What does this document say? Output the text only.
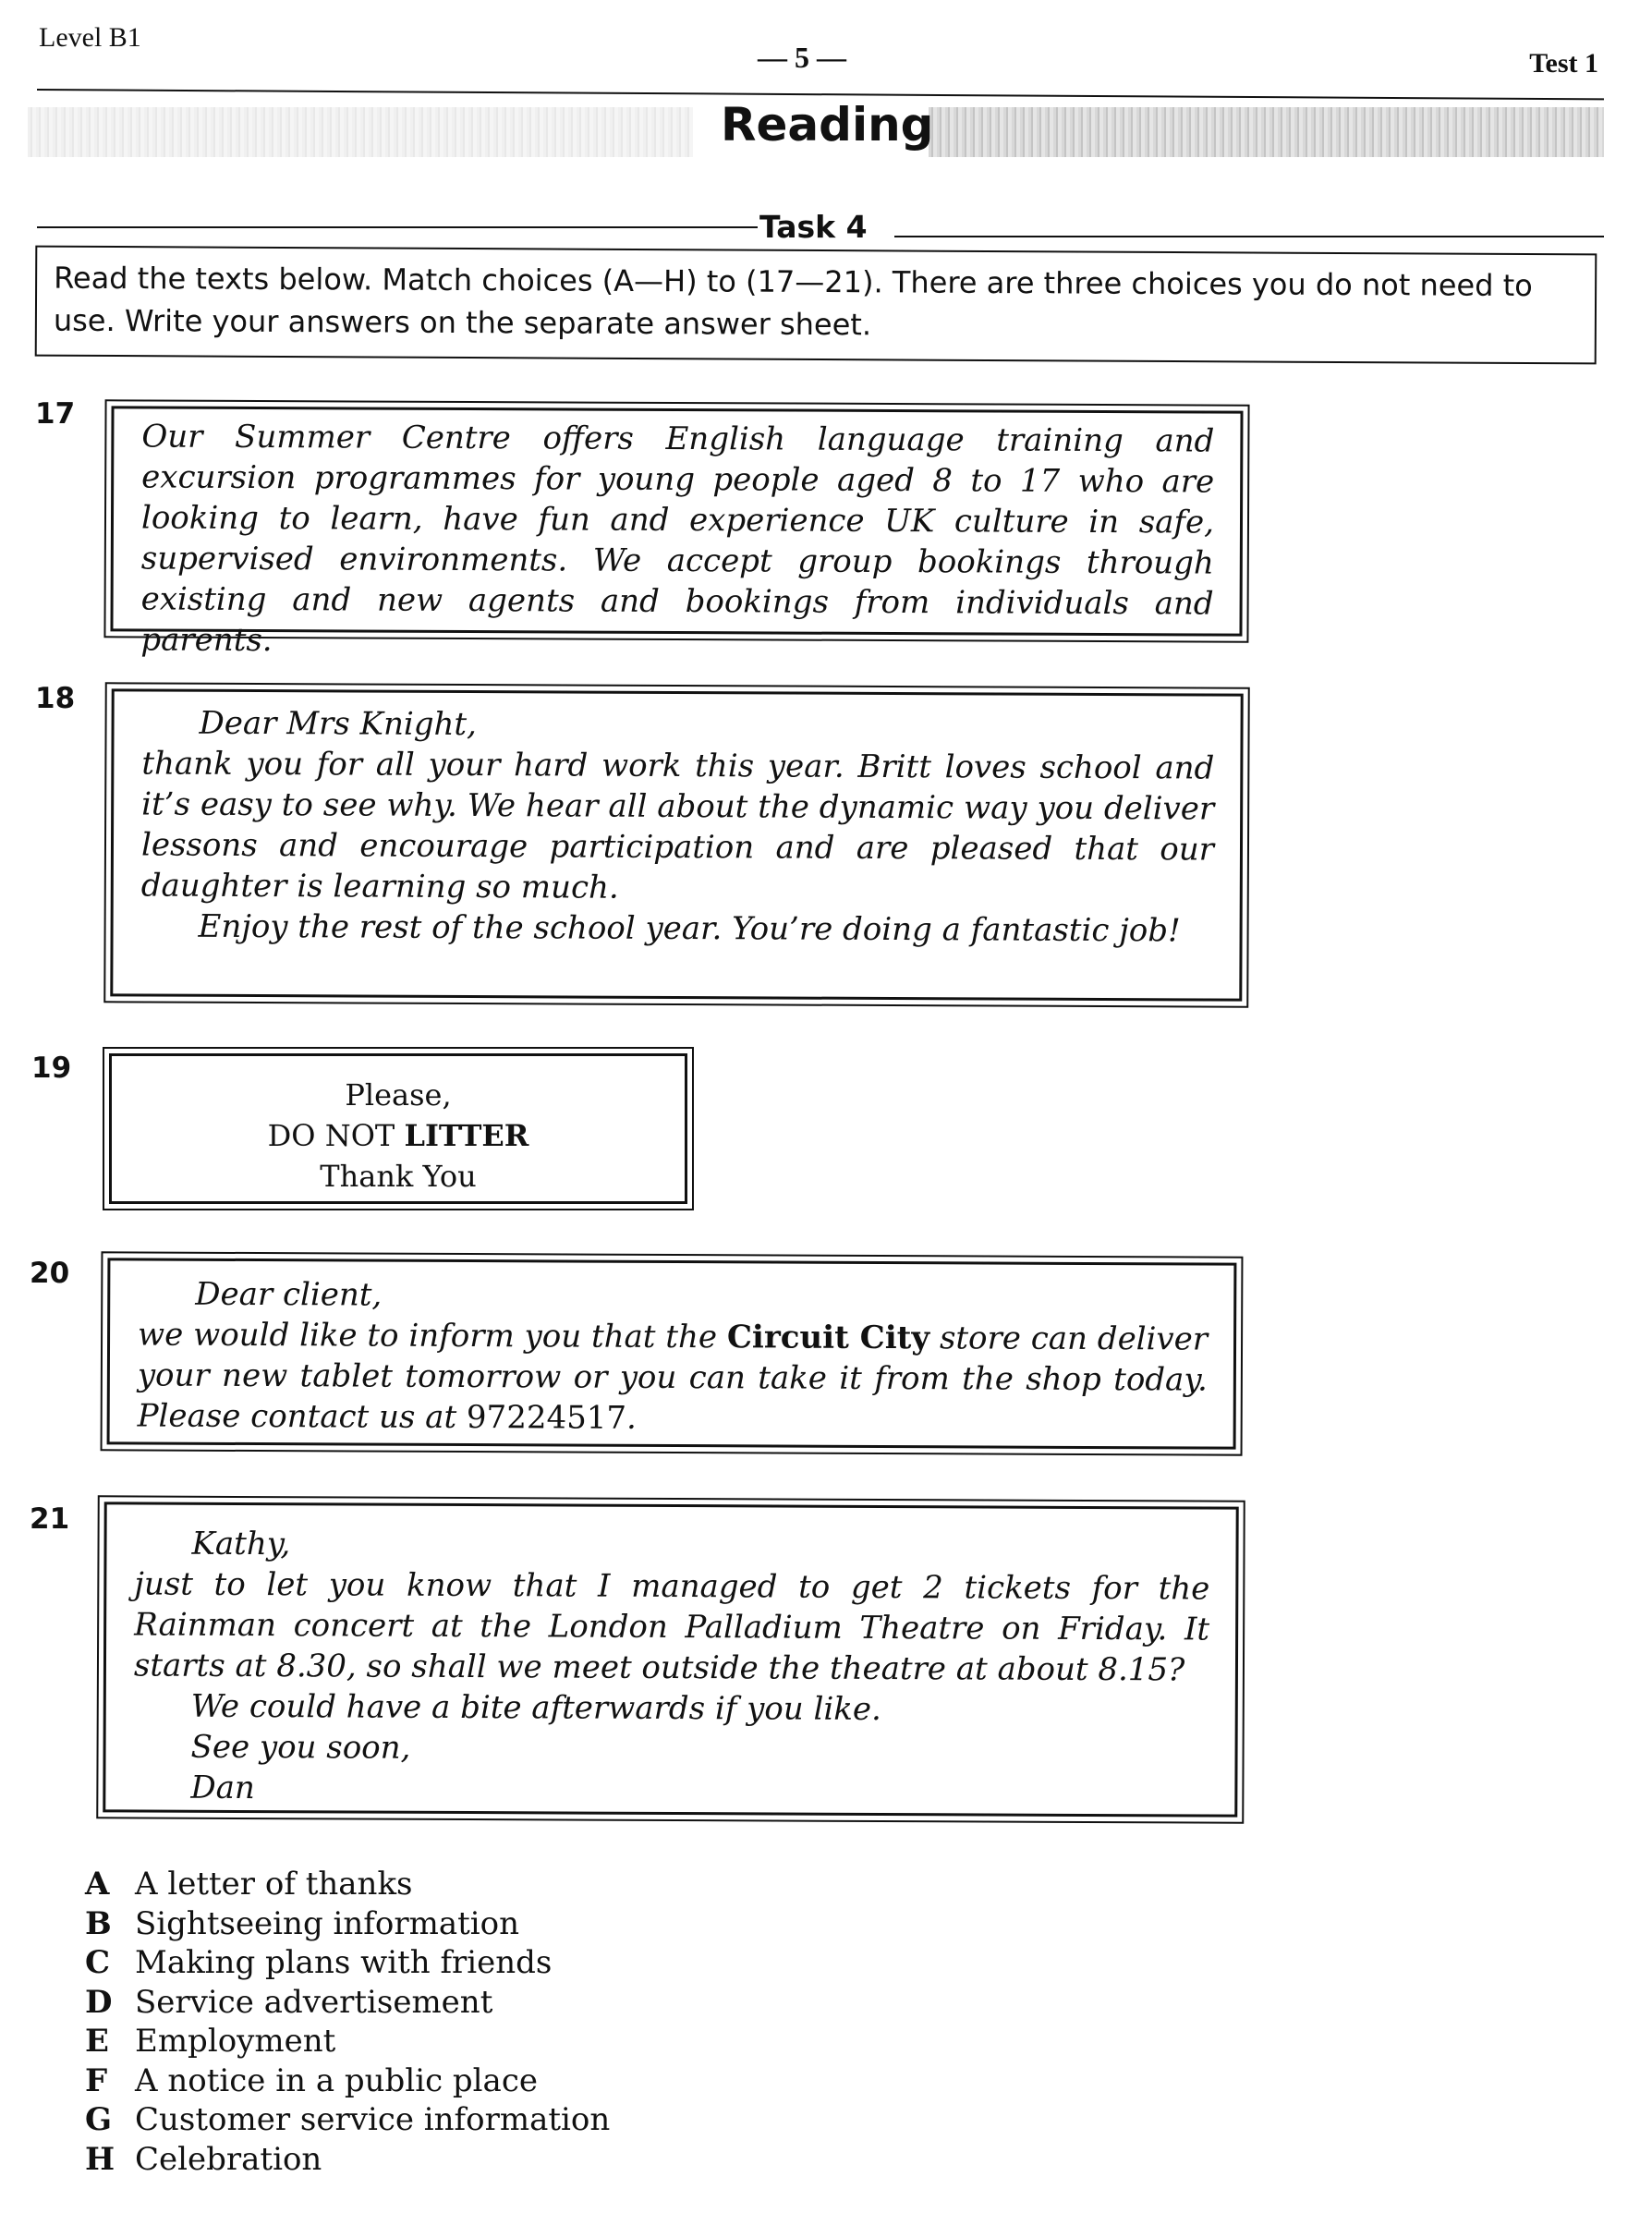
Level B1
— 5 —	Test 1
Reading
Task 4
Read the texts below. Match choices (A—H) to (17—21). There are three choices you do not need to use. Write your answers on the separate answer sheet.
17

Our Summer Centre offers English language training and excursion programmes for young people aged 8 to 17 who are looking to learn, have fun and experience UK culture in safe, supervised environments. We accept group bookings through existing and new agents and bookings from individuals and parents.

18

Dear Mrs Knight,

thank you for all your hard work this year. Britt loves school and it’s easy to see why. We hear all about the dynamic way you deliver lessons and encourage participation and are pleased that our daughter is learning so much.

Enjoy the rest of the school year. You’re doing a fantastic job!

19
Please,
DO NOT LITTER
Thank You
20

Dear client,

we would like to inform you that the Circuit City store can deliver your new tablet tomorrow or you can take it from the shop today. Please contact us at 97224517.

21

Kathy,

just to let you know that I managed to get 2 tickets for the Rainman concert at the London Palladium Theatre on Friday. It starts at 8.30, so shall we meet outside the theatre at about 8.15?

We could have a bite afterwards if you like.

See you soon,

Dan

A A letter of thanks
B Sightseeing information
C Making plans with friends
D Service advertisement
E Employment
F A notice in a public place
G Customer service information
H Celebration
